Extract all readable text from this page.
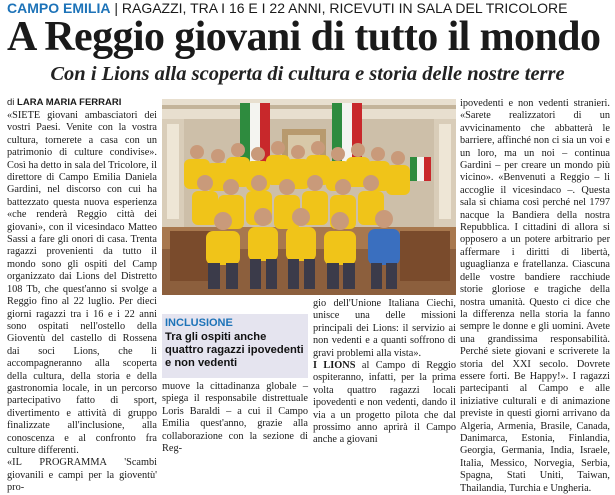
CAMPO EMILIA | RAGAZZI, TRA I 16 E I 22 ANNI, RICEVUTI IN SALA DEL TRICOLORE
A Reggio giovani di tutto il mondo
Con i Lions alla scoperta di cultura e storia delle nostre terre
di LARA MARIA FERRARI

«SIETE giovani ambasciatori dei vostri Paesi. Venite con la vostra cultura, tornerete a casa con un patrimonio di culture condivise». Così ha detto in sala del Tricolore, il direttore di Campo Emilia Daniela Gardini, nel discorso con cui ha battezzato questa nuova esperienza «che renderà Reggio città dei giovani», con il vicesindaco Matteo Sassi a fare gli onori di casa. Trenta ragazzi provenienti da tutto il mondo sono gli ospiti del Camp organizzato dai Lions del Distretto 108 Tb, che quest'anno si svolge a Reggio fino al 22 luglio. Per dieci giorni ragazzi tra i 16 e i 22 anni sono ospitati nell'ostello della Gioventù del castello di Rossena dai soci Lions, che li accompagneranno alla scoperta della cultura, della storia e della gastronomia locale, in un percorso partecipativo fatto di sport, divertimento e attività di gruppo finalizzate all'inclusione, alla conoscenza e al confronto fra culture differenti.

«IL PROGRAMMA 'Scambi giovanili e campi per la gioventù' pro-

INCLUSIONE
Tra gli ospiti anche quattro ragazzi ipovedenti e non vedenti

muove la cittadinanza globale – spiega il responsabile distrettuale Loris Baraldi – a cui il Campo Emilia quest'anno, grazie alla collaborazione con la sezione di Reg-

gio dell'Unione Italiana Ciechi, unisce una delle missioni principali dei Lions: il servizio ai non vedenti e a quanti soffrono di gravi problemi alla vista».

I LIONS al Campo di Reggio ospiteranno, infatti, per la prima volta quattro ragazzi locali ipovedenti e non vedenti, dando il via a un progetto pilota che dal prossimo anno aprirà il Campo anche a giovani

ipovedenti e non vedenti stranieri. «Sarete realizzatori di un avvicinamento che abbatterà le barriere, affinché non ci sia un voi e un loro, ma un noi – continua Gardini – per creare un mondo più vicino». «Benvenuti a Reggio – li accoglie il vicesindaco –. Questa sala si chiama così perché nel 1797 nacque la Bandiera della nostra Repubblica. I cittadini di allora si opposero a un potere arbitrario per affermare i diritti di libertà, uguaglianza e fratellanza. Ciascuna delle vostre bandiere racchiude storie gloriose e tragiche della nostra umanità. Questo ci dice che la differenza nella storia la fanno sempre le donne e gli uomini. Avete una grandissima responsabilità. Perché siete giovani e scriverete la storia del XXI secolo. Dovrete essere forti. Be Happy!». I ragazzi partecipanti al Campo e alle iniziative culturali e di animazione previste in questi giorni arrivano da Algeria, Armenia, Brasile, Canada, Danimarca, Estonia, Finlandia, Georgia, Germania, India, Israele, Italia, Messico, Norvegia, Serbia, Spagna, Stati Uniti, Taiwan, Thailandia, Turchia e Ungheria.
